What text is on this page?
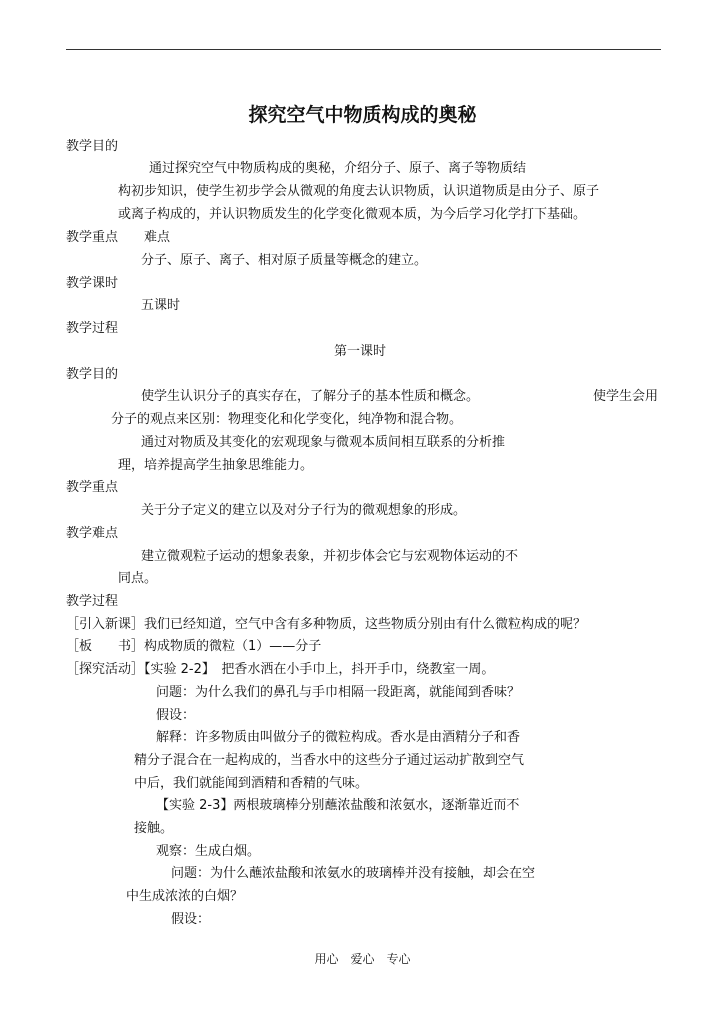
探究空气中物质构成的奥秘
教学目的
通过探究空气中物质构成的奥秘，介绍分子、原子、离子等物质结
构初步知识，使学生初步学会从微观的角度去认识物质，认识道物质是由分子、原子
或离子构成的，并认识物质发生的化学变化微观本质，为今后学习化学打下基础。
教学重点　　难点
分子、原子、离子、相对原子质量等概念的建立。
教学课时
五课时
教学过程
第一课时
教学目的
使学生认识分子的真实存在，了解分子的基本性质和概念。	使学生会用
分子的观点来区别：物理变化和化学变化，纯净物和混合物。
通过对物质及其变化的宏观现象与微观本质间相互联系的分析推
理，培养提高学生抽象思维能力。
教学重点
关于分子定义的建立以及对分子行为的微观想象的形成。
教学难点
建立微观粒子运动的想象表象，并初步体会它与宏观物体运动的不
同点。
教学过程
［引入新课］我们已经知道，空气中含有多种物质，这些物质分别由有什么微粒构成的呢？
［板　　书］构成物质的微粒（1）——分子
［探究活动］【实验 2-2】　把香水洒在小手巾上，抖开手巾，绕教室一周。
问题：为什么我们的鼻孔与手巾相隔一段距离，就能闻到香味？
假设：
解释：许多物质由叫做分子的微粒构成。香水是由酒精分子和香
精分子混合在一起构成的，当香水中的这些分子通过运动扩散到空气
中后，我们就能闻到酒精和香精的气味。
【实验 2-3】两根玻璃棒分别蘸浓盐酸和浓氨水，逐渐靠近而不
接触。
观察：生成白烟。
问题：为什么蘸浓盐酸和浓氨水的玻璃棒并没有接触，却会在空
中生成浓浓的白烟？
假设：
用心　爱心　专心
